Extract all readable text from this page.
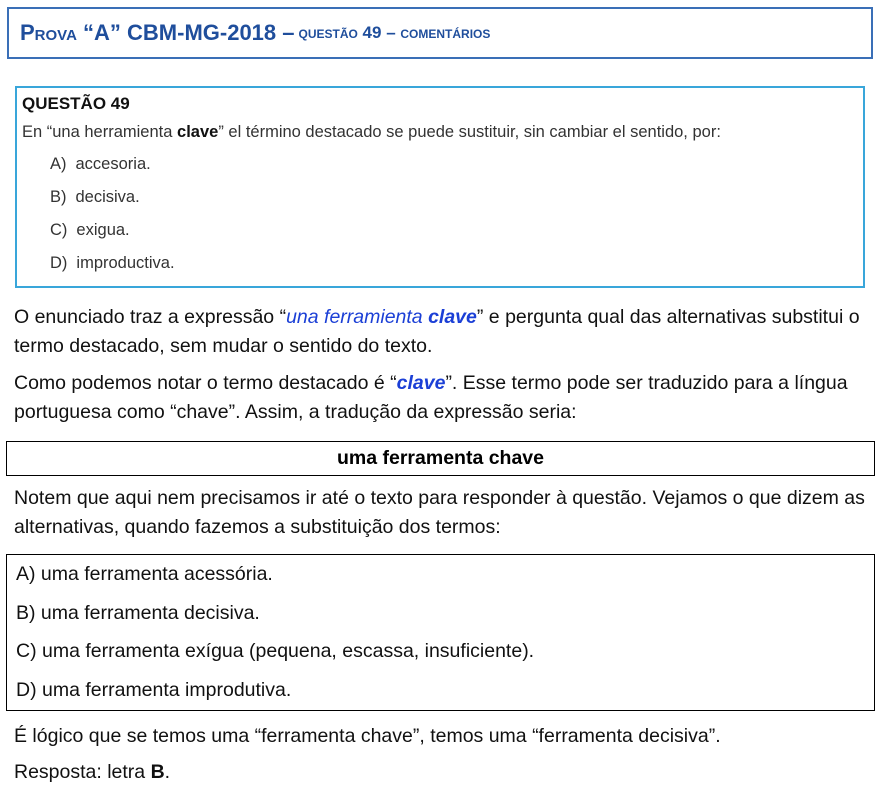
Prova “A” CBM-MG-2018 – questão 49 – comentários
QUESTÃO 49
En “una herramienta clave” el término destacado se puede sustituir, sin cambiar el sentido, por:
A) accesoria.
B) decisiva.
C) exigua.
D) improductiva.
O enunciado traz a expressão “una ferramienta clave” e pergunta qual das alternativas substitui o termo destacado, sem mudar o sentido do texto.
Como podemos notar o termo destacado é “clave”. Esse termo pode ser traduzido para a língua portuguesa como “chave”. Assim, a tradução da expressão seria:
uma ferramenta chave
Notem que aqui nem precisamos ir até o texto para responder à questão. Vejamos o que dizem as alternativas, quando fazemos a substituição dos termos:
A) uma ferramenta acessória.
B) uma ferramenta decisiva.
C) uma ferramenta exígua (pequena, escassa, insuficiente).
D) uma ferramenta improdutiva.
É lógico que se temos uma “ferramenta chave”, temos uma “ferramenta decisiva”.
Resposta: letra B.
